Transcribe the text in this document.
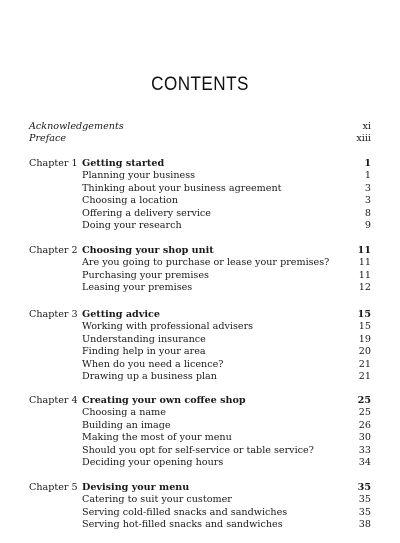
CONTENTS
Acknowledgements	xi
Preface	xiii
Chapter 1 Getting started	1
Planning your business	1
Thinking about your business agreement	3
Choosing a location	3
Offering a delivery service	8
Doing your research	9
Chapter 2 Choosing your shop unit	11
Are you going to purchase or lease your premises?	11
Purchasing your premises	11
Leasing your premises	12
Chapter 3 Getting advice	15
Working with professional advisers	15
Understanding insurance	19
Finding help in your area	20
When do you need a licence?	21
Drawing up a business plan	21
Chapter 4 Creating your own coffee shop	25
Choosing a name	25
Building an image	26
Making the most of your menu	30
Should you opt for self-service or table service?	33
Deciding your opening hours	34
Chapter 5 Devising your menu	35
Catering to suit your customer	35
Serving cold-filled snacks and sandwiches	35
Serving hot-filled snacks and sandwiches	38
